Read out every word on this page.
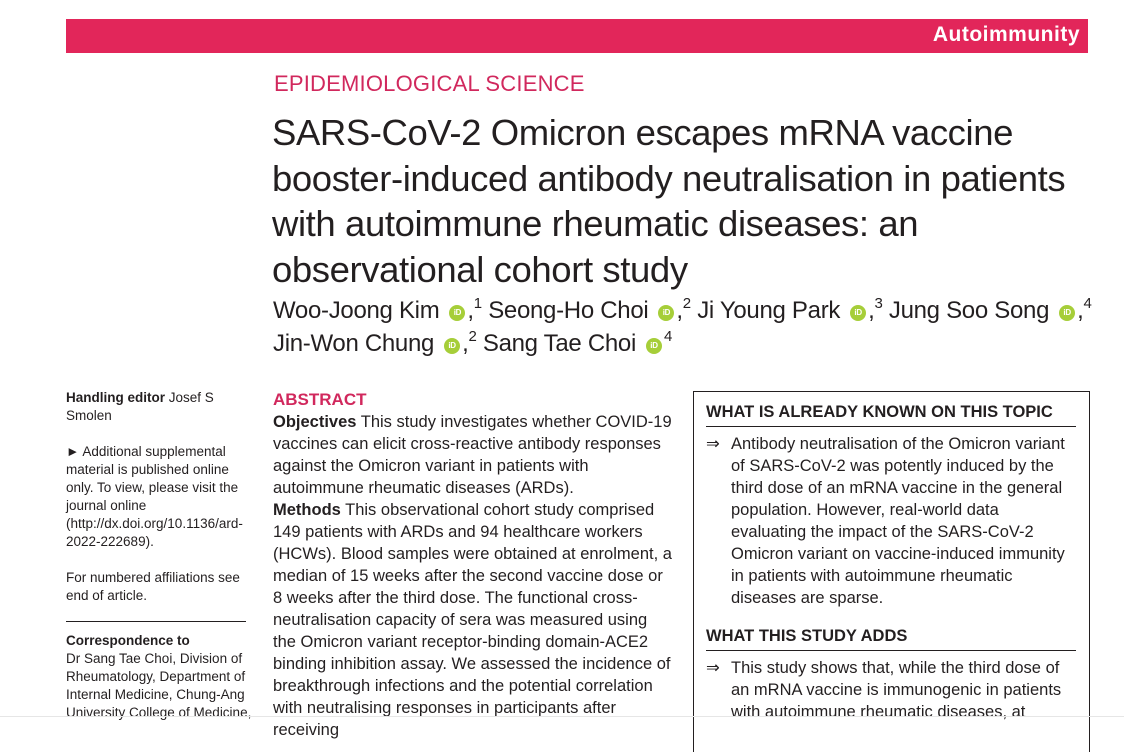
Autoimmunity
EPIDEMIOLOGICAL SCIENCE
SARS-CoV-2 Omicron escapes mRNA vaccine booster-induced antibody neutralisation in patients with autoimmune rheumatic diseases: an observational cohort study
Woo-Joong Kim iD ,$^1$ Seong-Ho Choi iD ,$^2$ Ji Young Park iD ,$^3$ Jung Soo Song iD ,$^4$
Jin-Won Chung iD ,$^2$ Sang Tae Choi $iD^4$

Handling editor Josef S Smolen

► Additional supplemental material is published online only. To view, please visit the journal online (http://dx.doi.org/10.1136/ard-2022-222689).

For numbered affiliations see end of article.

Correspondence to

Dr Sang Tae Choi, Division of Rheumatology, Department of Internal Medicine, Chung-Ang University College of Medicine,

ABSTRACT

Objectives This study investigates whether COVID-19 vaccines can elicit cross-reactive antibody responses against the Omicron variant in patients with autoimmune rheumatic diseases (ARDs).

Methods This observational cohort study comprised 149 patients with ARDs and 94 healthcare workers (HCWs). Blood samples were obtained at enrolment, a median of 15 weeks after the second vaccine dose or 8 weeks after the third dose. The functional cross-neutralisation capacity of sera was measured using the Omicron variant receptor-binding domain-ACE2 binding inhibition assay. We assessed the incidence of breakthrough infections and the potential correlation with neutralising responses in participants after receiving

WHAT IS ALREADY KNOWN ON THIS TOPIC
⇒ Antibody neutralisation of the Omicron variant of SARS-CoV-2 was potently induced by the third dose of an mRNA vaccine in the general population. However, real-world data evaluating the impact of the SARS-CoV-2 Omicron variant on vaccine-induced immunity in patients with autoimmune rheumatic diseases are sparse.
WHAT THIS STUDY ADDS
⇒ This study shows that, while the third dose of an mRNA vaccine is immunogenic in patients with autoimmune rheumatic diseases, at
